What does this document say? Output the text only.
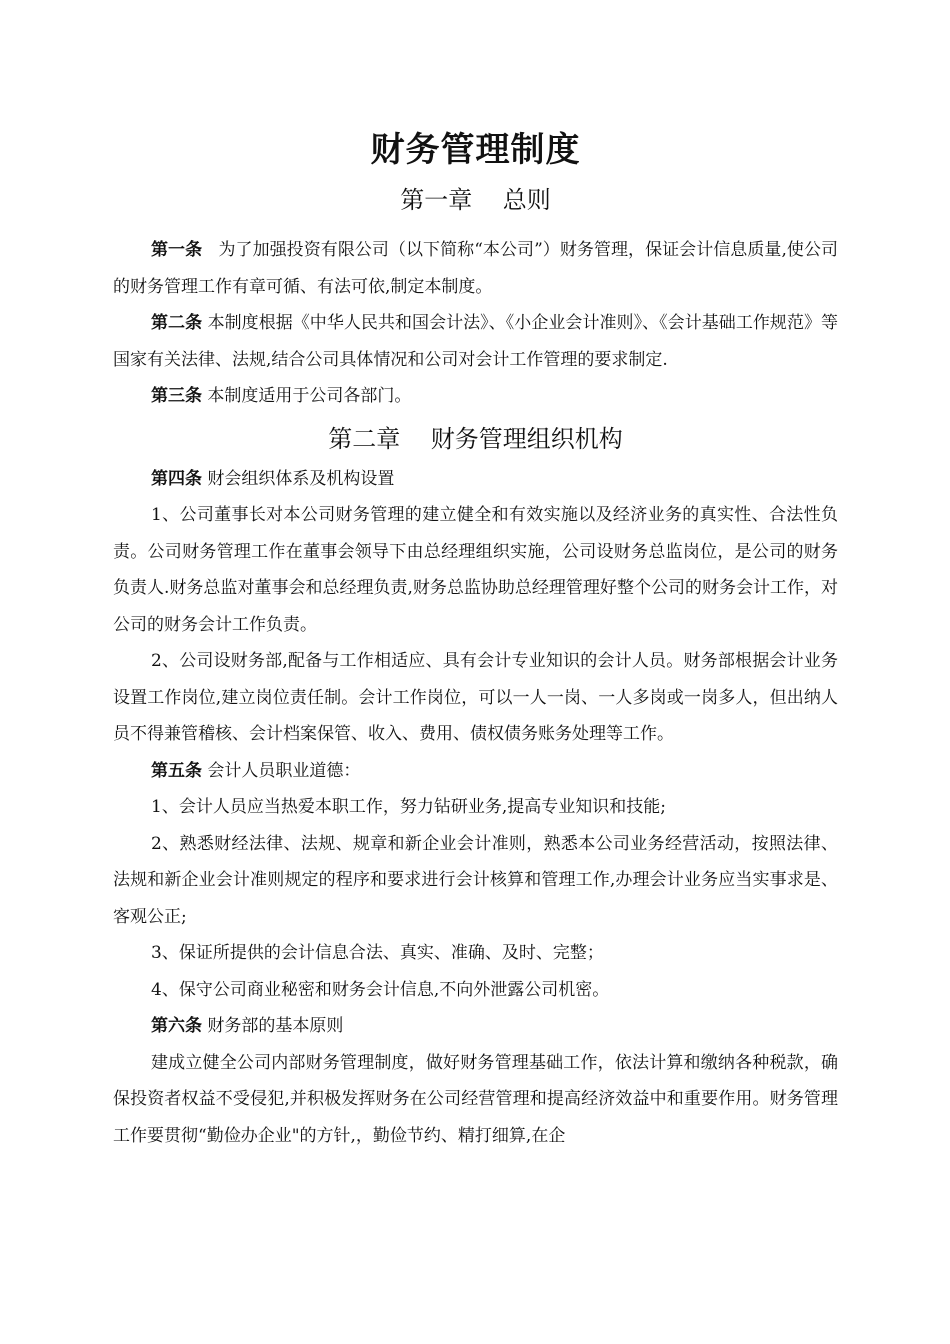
财务管理制度
第一章    总则

第一条 为了加强投资有限公司（以下简称“本公司”）财务管理，保证会计信息质量,使公司的财务管理工作有章可循、有法可依,制定本制度。

第二条 本制度根据《中华人民共和国会计法》、《小企业会计准则》、《会计基础工作规范》等国家有关法律、法规,结合公司具体情况和公司对会计工作管理的要求制定.

第三条 本制度适用于公司各部门。

第二章    财务管理组织机构

第四条 财会组织体系及机构设置

1、公司董事长对本公司财务管理的建立健全和有效实施以及经济业务的真实性、合法性负责。公司财务管理工作在董事会领导下由总经理组织实施，公司设财务总监岗位，是公司的财务负责人.财务总监对董事会和总经理负责,财务总监协助总经理管理好整个公司的财务会计工作，对公司的财务会计工作负责。

2、公司设财务部,配备与工作相适应、具有会计专业知识的会计人员。财务部根据会计业务设置工作岗位,建立岗位责任制。会计工作岗位，可以一人一岗、一人多岗或一岗多人，但出纳人员不得兼管稽核、会计档案保管、收入、费用、债权债务账务处理等工作。

第五条 会计人员职业道德：

1、会计人员应当热爱本职工作，努力钻研业务,提高专业知识和技能;

2、熟悉财经法律、法规、规章和新企业会计准则，熟悉本公司业务经营活动，按照法律、法规和新企业会计准则规定的程序和要求进行会计核算和管理工作,办理会计业务应当实事求是、客观公正;

3、保证所提供的会计信息合法、真实、准确、及时、完整；

4、保守公司商业秘密和财务会计信息,不向外泄露公司机密。

第六条 财务部的基本原则

建成立健全公司内部财务管理制度，做好财务管理基础工作，依法计算和缴纳各种税款，确保投资者权益不受侵犯,并积极发挥财务在公司经营管理和提高经济效益中和重要作用。财务管理工作要贯彻“勤俭办企业"的方针,，勤俭节约、精打细算,在企
